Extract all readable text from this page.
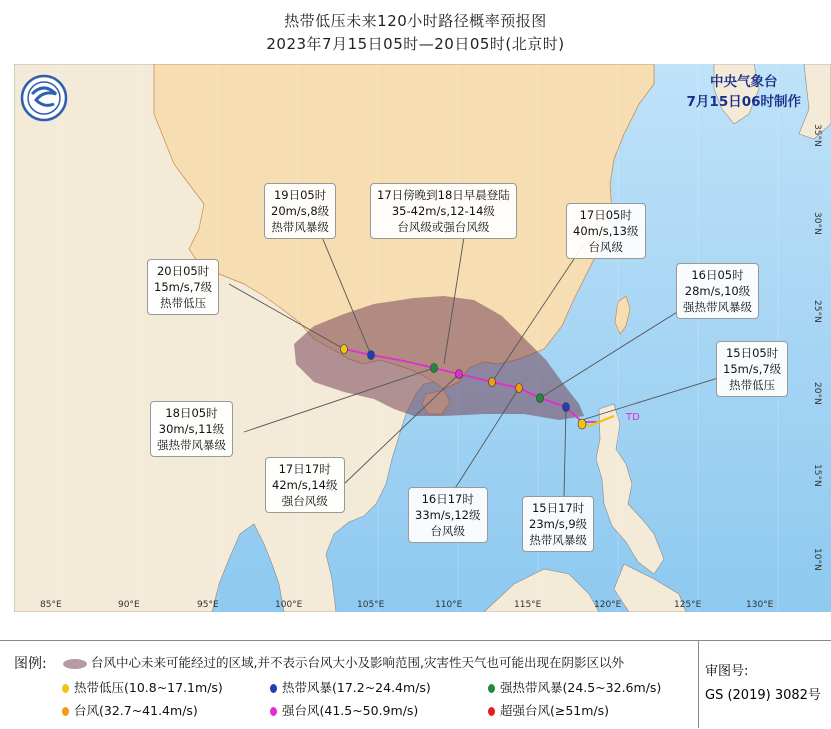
热带低压未来120小时路径概率预报图
2023年7月15日05时—20日05时(北京时)
TD
85°E	90°E	95°E	100°E	105°E	110°E	115°E	120°E	125°E	130°E
35°N
30°N
25°N
20°N
15°N
10°N
中央气象台
7月15日06时制作
15日05时
15m/s,7级
热带低压
15日17时
23m/s,9级
热带风暴级
16日05时
28m/s,10级
强热带风暴级
16日17时
33m/s,12级
台风级
17日05时
40m/s,13级
台风级
17日17时
42m/s,14级
强台风级
18日05时
30m/s,11级
强热带风暴级
19日05时
20m/s,8级
热带风暴级
20日05时
15m/s,7级
热带低压
17日傍晚到18日早晨登陆
35-42m/s,12-14级
台风级或强台风级
图例:	台风中心未来可能经过的区域,并不表示台风大小及影响范围,灾害性天气也可能出现在阴影区以外
热带低压(10.8~17.1m/s)	热带风暴(17.2~24.4m/s)	强热带风暴(24.5~32.6m/s)
台风(32.7~41.4m/s)	强台风(41.5~50.9m/s)	超强台风(≥51m/s)
审图号:
GS (2019) 3082号
